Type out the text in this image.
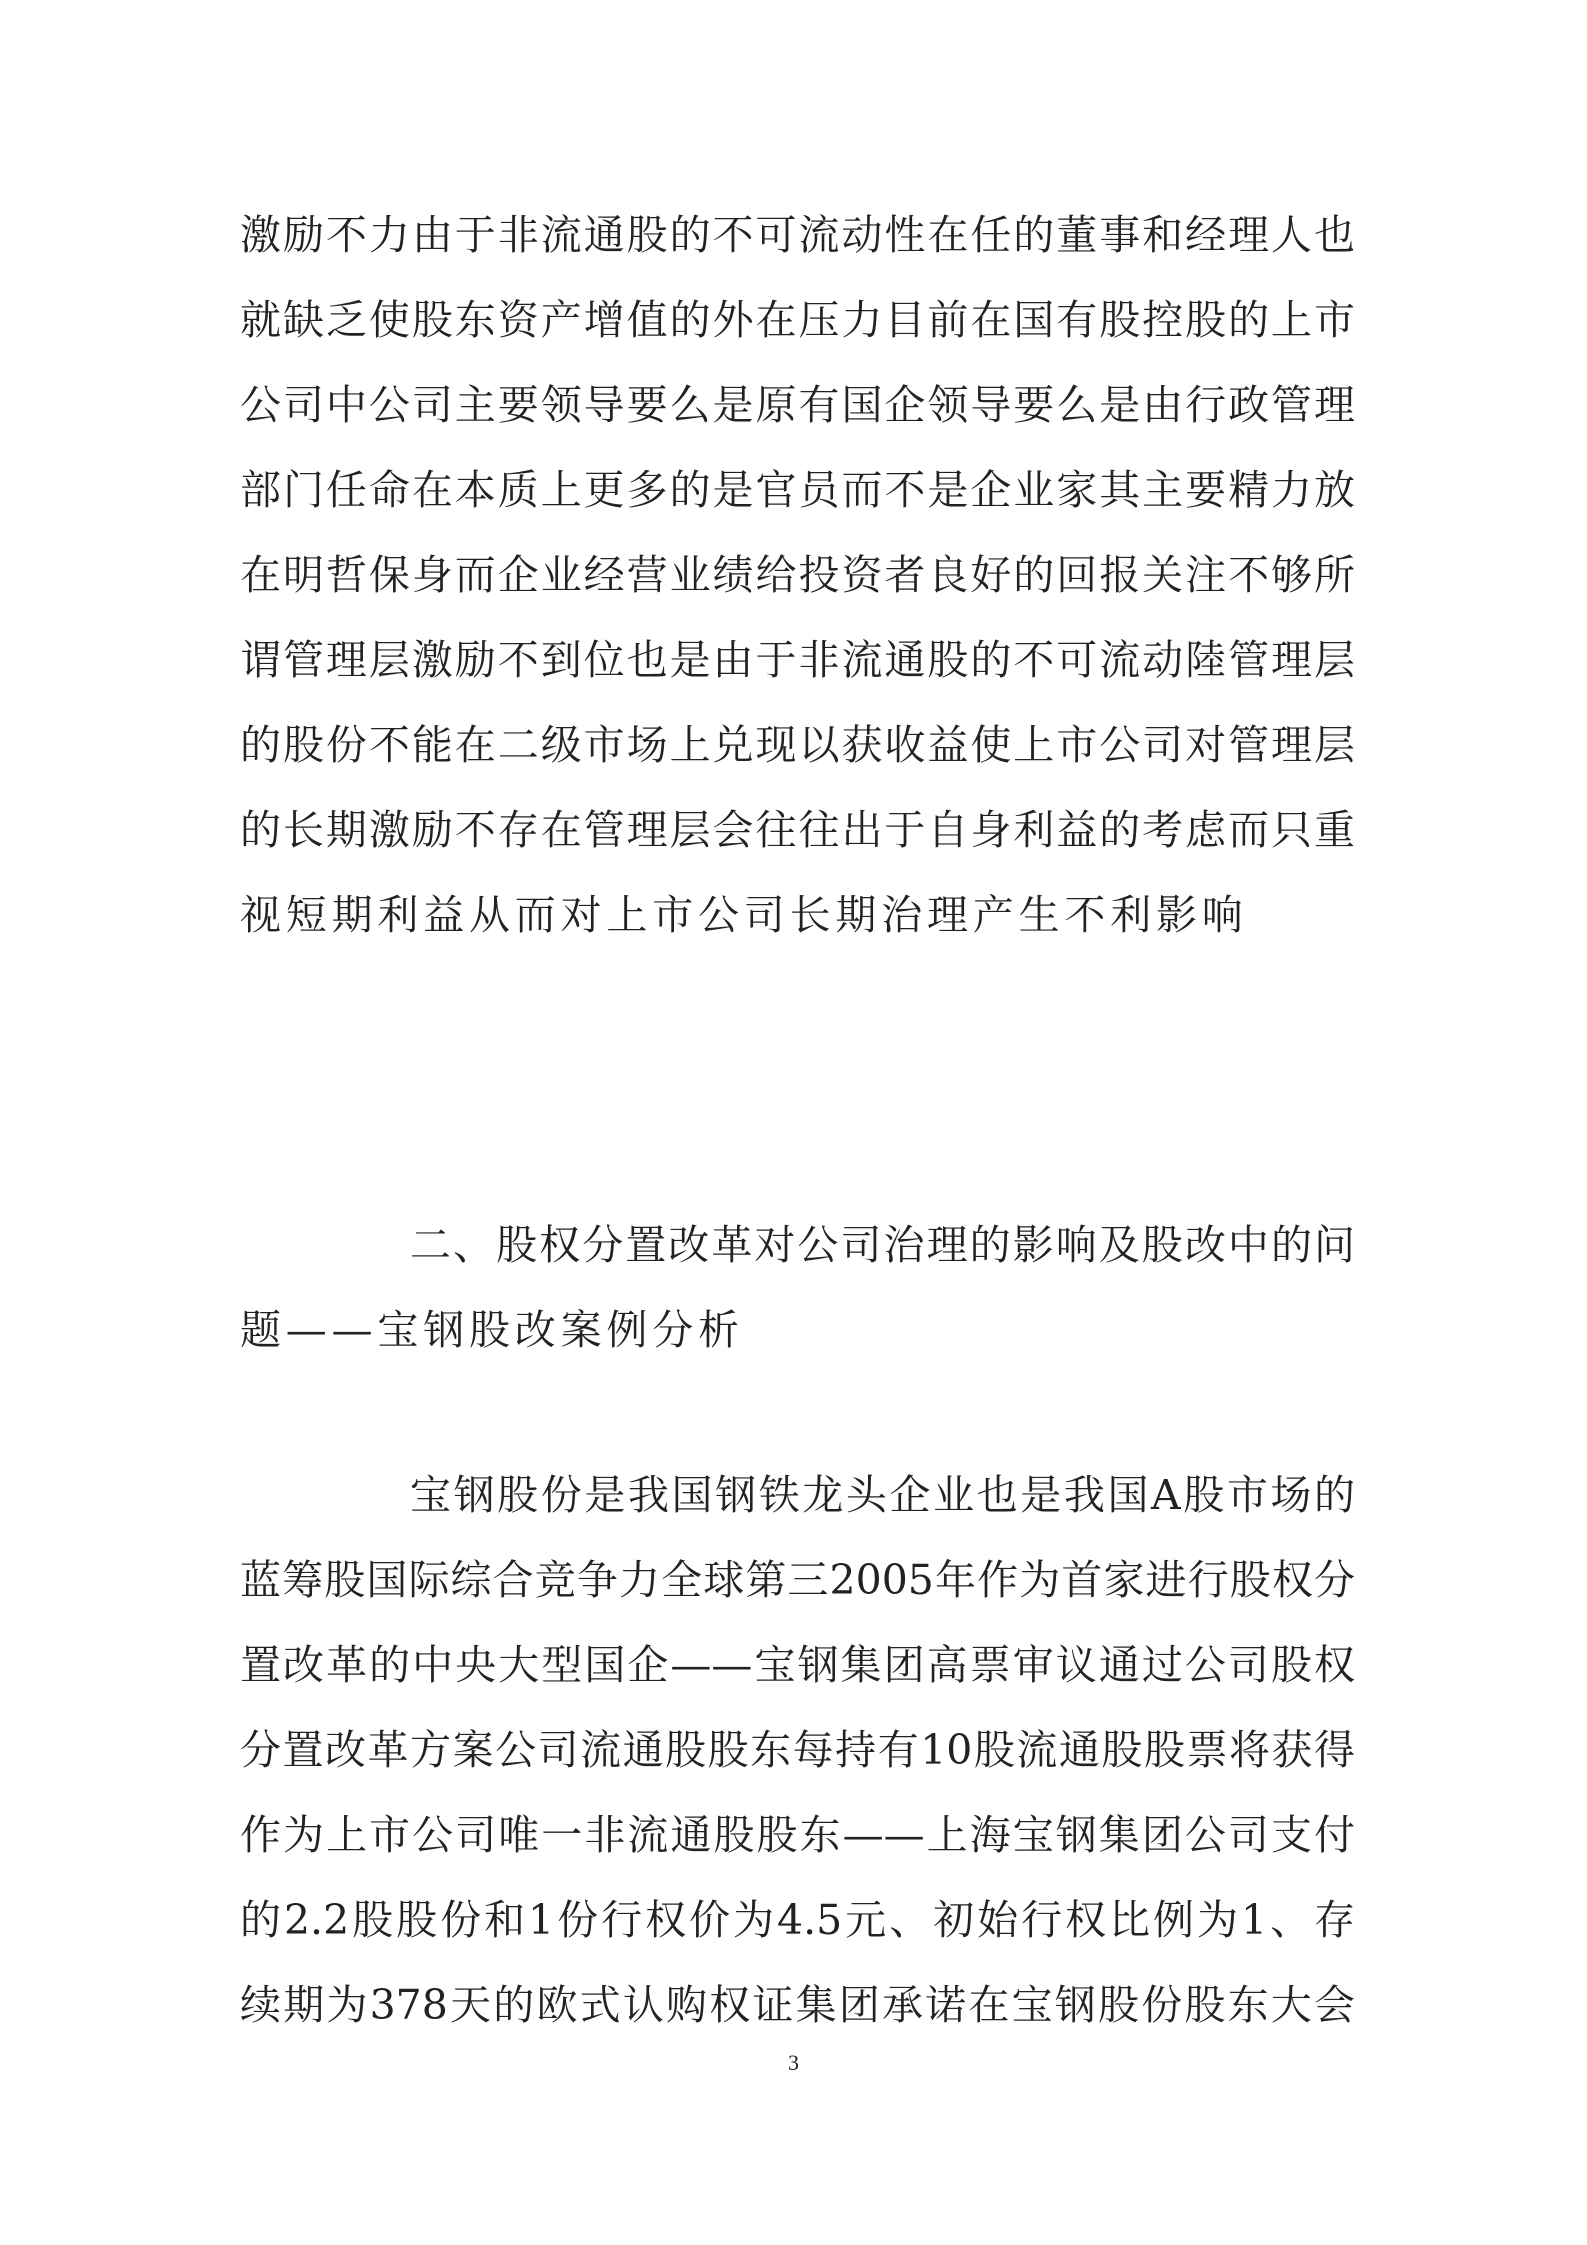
激励不力由于非流通股的不可流动性在任的董事和经理人也
就缺乏使股东资产增值的外在压力目前在国有股控股的上市
公司中公司主要领导要么是原有国企领导要么是由行政管理
部门任命在本质上更多的是官员而不是企业家其主要精力放
在明哲保身而企业经营业绩给投资者良好的回报关注不够所
谓管理层激励不到位也是由于非流通股的不可流动陸管理层
的股份不能在二级市场上兑现以获收益使上市公司对管理层
的长期激励不存在管理层会往往出于自身利益的考虑而只重
视短期利益从而对上市公司长期治理产生不利影响
二、股权分置改革对公司治理的影响及股改中的问
题——宝钢股改案例分析
宝钢股份是我国钢铁龙头企业也是我国A股市场的
蓝筹股国际综合竞争力全球第三2005年作为首家进行股权分
置改革的中央大型国企——宝钢集团高票审议通过公司股权
分置改革方案公司流通股股东每持有10股流通股股票将获得
作为上市公司唯一非流通股股东——上海宝钢集团公司支付
的2.2股股份和1份行权价为4.5元、初始行权比例为1、存
续期为378天的欧式认购权证集团承诺在宝钢股份股东大会
3
